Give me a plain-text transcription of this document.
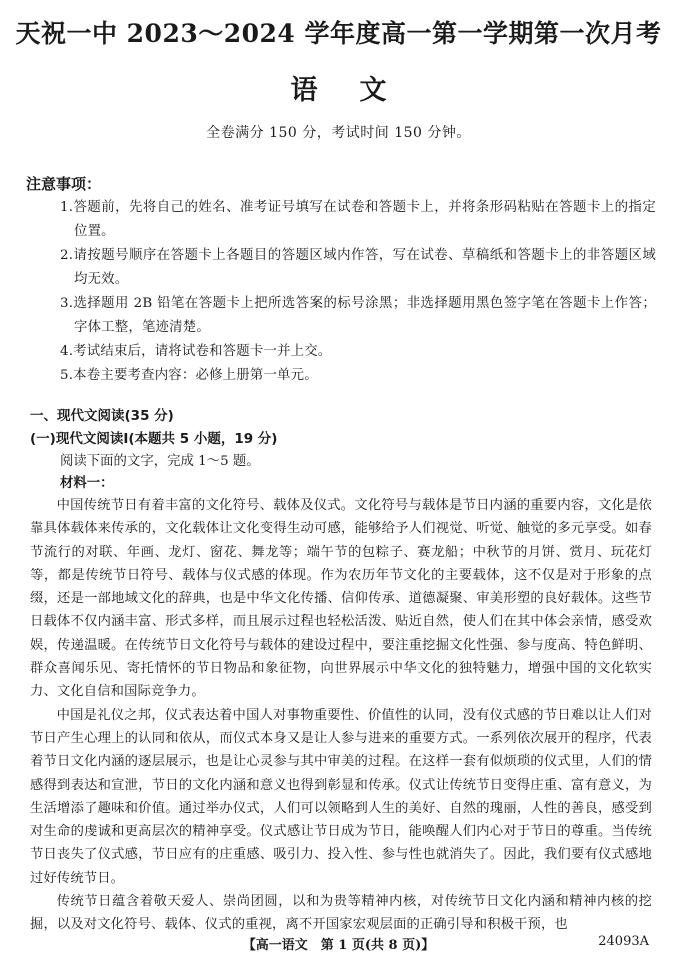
天祝一中 2023～2024 学年度高一第一学期第一次月考
语文
全卷满分 150 分，考试时间 150 分钟。
注意事项：
1.答题前，先将自己的姓名、准考证号填写在试卷和答题卡上，并将条形码粘贴在答题卡上的指定位置。
2.请按题号顺序在答题卡上各题目的答题区域内作答，写在试卷、草稿纸和答题卡上的非答题区域均无效。
3.选择题用 2B 铅笔在答题卡上把所选答案的标号涂黑；非选择题用黑色签字笔在答题卡上作答；字体工整，笔迹清楚。
4.考试结束后，请将试卷和答题卡一并上交。
5.本卷主要考查内容：必修上册第一单元。
一、现代文阅读(35 分)
(一)现代文阅读Ⅰ(本题共 5 小题，19 分)
阅读下面的文字，完成 1～5 题。
材料一：

中国传统节日有着丰富的文化符号、载体及仪式。文化符号与载体是节日内涵的重要内容，文化是依靠具体载体来传承的，文化载体让文化变得生动可感，能够给予人们视觉、听觉、触觉的多元享受。如春节流行的对联、年画、龙灯、窗花、舞龙等；端午节的包粽子、赛龙船；中秋节的月饼、赏月、玩花灯等，都是传统节日符号、载体与仪式感的体现。作为农历年节文化的主要载体，这不仅是对于形象的点缀，还是一部地域文化的辞典，也是中华文化传播、信仰传承、道德凝聚、审美形塑的良好载体。这些节日载体不仅内涵丰富、形式多样，而且展示过程也轻松活泼、贴近自然，使人们在其中体会亲情，感受欢娱，传递温暖。在传统节日文化符号与载体的建设过程中，要注重挖掘文化性强、参与度高、特色鲜明、群众喜闻乐见、寄托情怀的节日物品和象征物，向世界展示中华文化的独特魅力，增强中国的文化软实力、文化自信和国际竞争力。

中国是礼仪之邦，仪式表达着中国人对事物重要性、价值性的认同，没有仪式感的节日难以让人们对节日产生心理上的认同和依从，而仪式本身又是让人参与进来的重要方式。一系列依次展开的程序，代表着节日文化内涵的逐层展示，也是让心灵参与其中审美的过程。在这样一套有似烦琐的仪式里，人们的情感得到表达和宣泄，节日的文化内涵和意义也得到彰显和传承。仪式让传统节日变得庄重、富有意义，为生活增添了趣味和价值。通过举办仪式，人们可以领略到人生的美好、自然的瑰丽，人性的善良，感受到对生命的虔诚和更高层次的精神享受。仪式感让节日成为节日，能唤醒人们内心对于节日的尊重。当传统节日丧失了仪式感，节日应有的庄重感、吸引力、投入性、参与性也就消失了。因此，我们要有仪式感地过好传统节日。

传统节日蕴含着敬天爱人、崇尚团圆，以和为贵等精神内核，对传统节日文化内涵和精神内核的挖掘，以及对文化符号、载体、仪式的重视，离不开国家宏观层面的正确引导和积极干预，也

【高一语文　第 1 页(共 8 页)】	24093A
